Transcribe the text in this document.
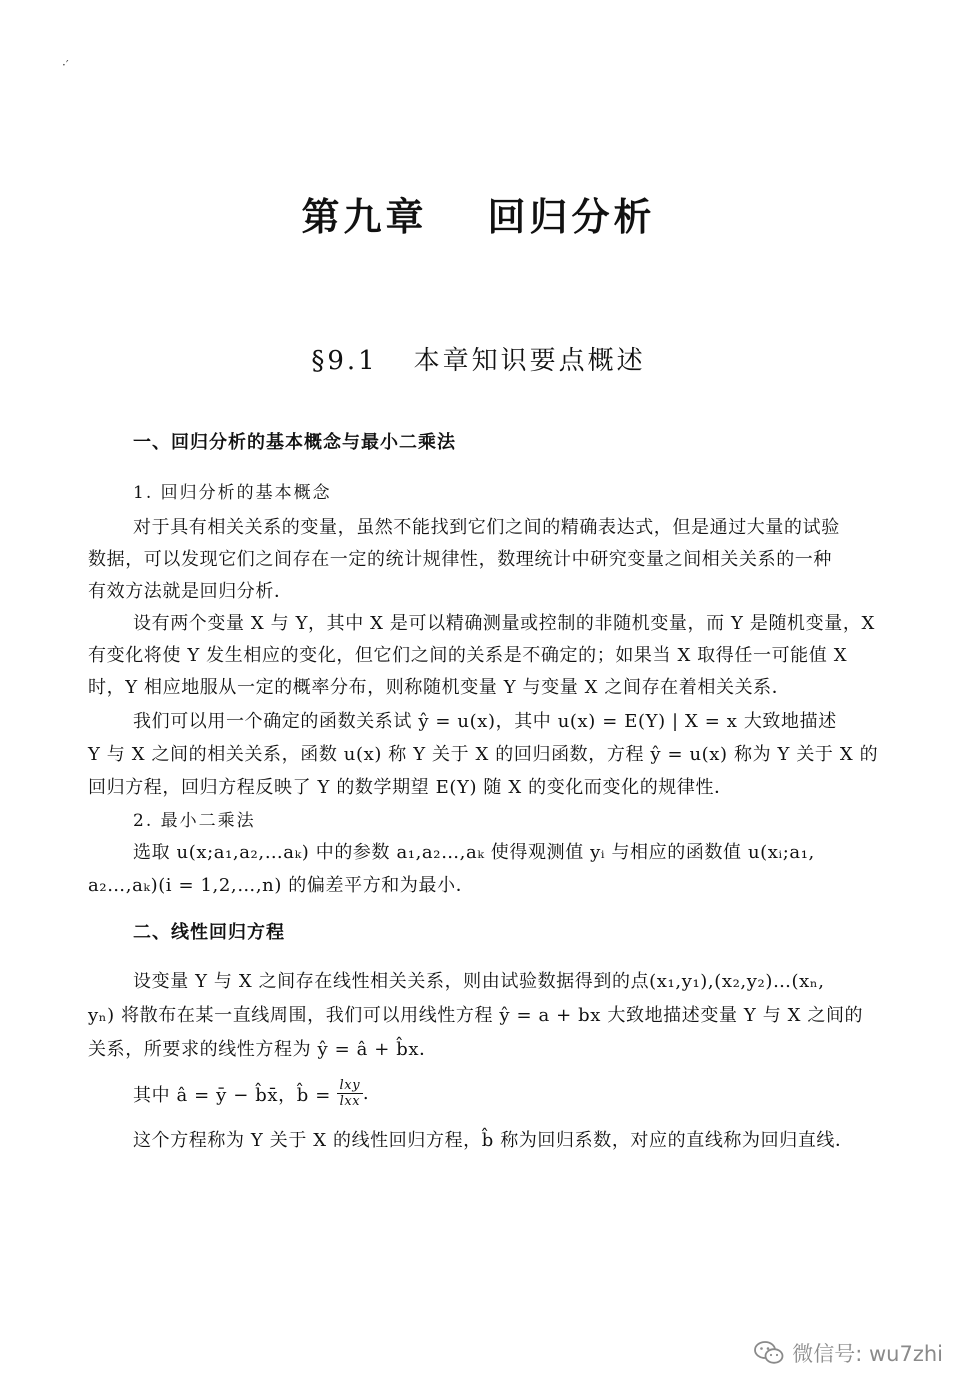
·′
第九章 回归分析
§9.1 本章知识要点概述
一、回归分析的基本概念与最小二乘法
1. 回归分析的基本概念
对于具有相关关系的变量，虽然不能找到它们之间的精确表达式，但是通过大量的试验
数据，可以发现它们之间存在一定的统计规律性，数理统计中研究变量之间相关关系的一种
有效方法就是回归分析．
设有两个变量 X 与 Y，其中 X 是可以精确测量或控制的非随机变量，而 Y 是随机变量，X
有变化将使 Y 发生相应的变化，但它们之间的关系是不确定的；如果当 X 取得任一可能值 X
时，Y 相应地服从一定的概率分布，则称随机变量 Y 与变量 X 之间存在着相关关系．
我们可以用一个确定的函数关系试 ŷ = u(x)，其中 u(x) = E(Y) | X = x 大致地描述
Y 与 X 之间的相关关系，函数 u(x) 称 Y 关于 X 的回归函数，方程 ŷ = u(x) 称为 Y 关于 X 的
回归方程，回归方程反映了 Y 的数学期望 E(Y) 随 X 的变化而变化的规律性．
2. 最小二乘法
选取 u(x;a₁,a₂,…aₖ) 中的参数 a₁,a₂…,aₖ 使得观测值 yᵢ 与相应的函数值 u(xᵢ;a₁,
a₂…,aₖ)(i = 1,2,…,n) 的偏差平方和为最小．
二、线性回归方程
设变量 Y 与 X 之间存在线性相关关系，则由试验数据得到的点(x₁,y₁),(x₂,y₂)…(xₙ,
yₙ) 将散布在某一直线周围，我们可以用线性方程 ŷ = a + bx 大致地描述变量 Y 与 X 之间的
关系，所要求的线性方程为 ŷ = â + b̂x．
其中 â = ȳ − b̂x̄，b̂ = lxy
lxx .
这个方程称为 Y 关于 X 的线性回归方程，b̂ 称为回归系数，对应的直线称为回归直线．
微信号: wu7zhi
